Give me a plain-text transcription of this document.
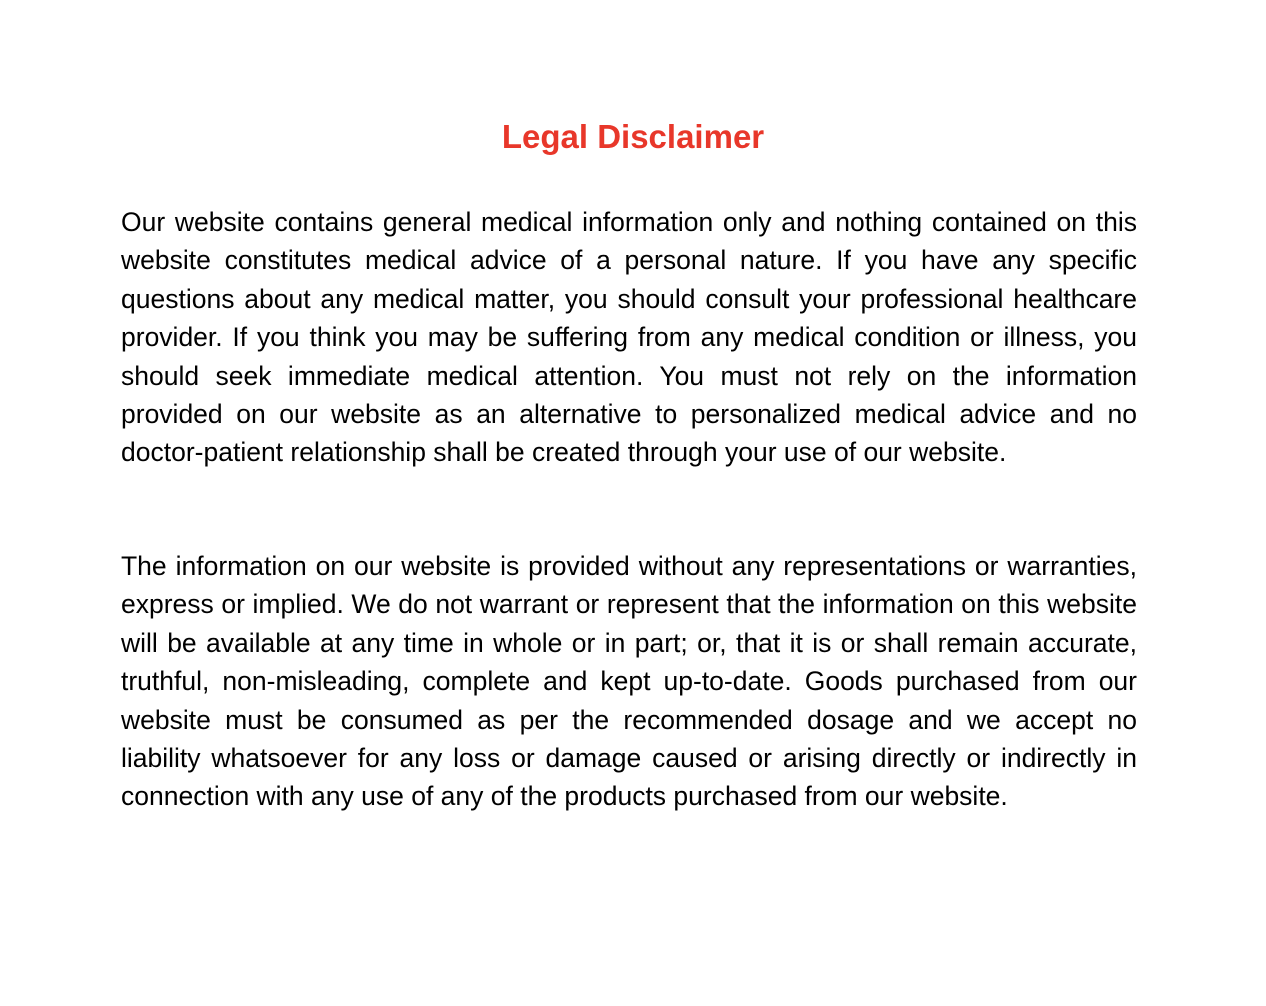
Legal Disclaimer

Our website contains general medical information only and nothing contained on this website constitutes medical advice of a personal nature. If you have any specific questions about any medical matter, you should consult your professional healthcare provider. If you think you may be suffering from any medical condition or illness, you should seek immediate medical attention. You must not rely on the information provided on our website as an alternative to personalized medical advice and no doctor-patient relationship shall be created through your use of our website.

The information on our website is provided without any representations or warranties, express or implied. We do not warrant or represent that the information on this website will be available at any time in whole or in part; or, that it is or shall remain accurate, truthful, non-misleading, complete and kept up-to-date. Goods purchased from our website must be consumed as per the recommended dosage and we accept no liability whatsoever for any loss or damage caused or arising directly or indirectly in connection with any use of any of the products purchased from our website.
